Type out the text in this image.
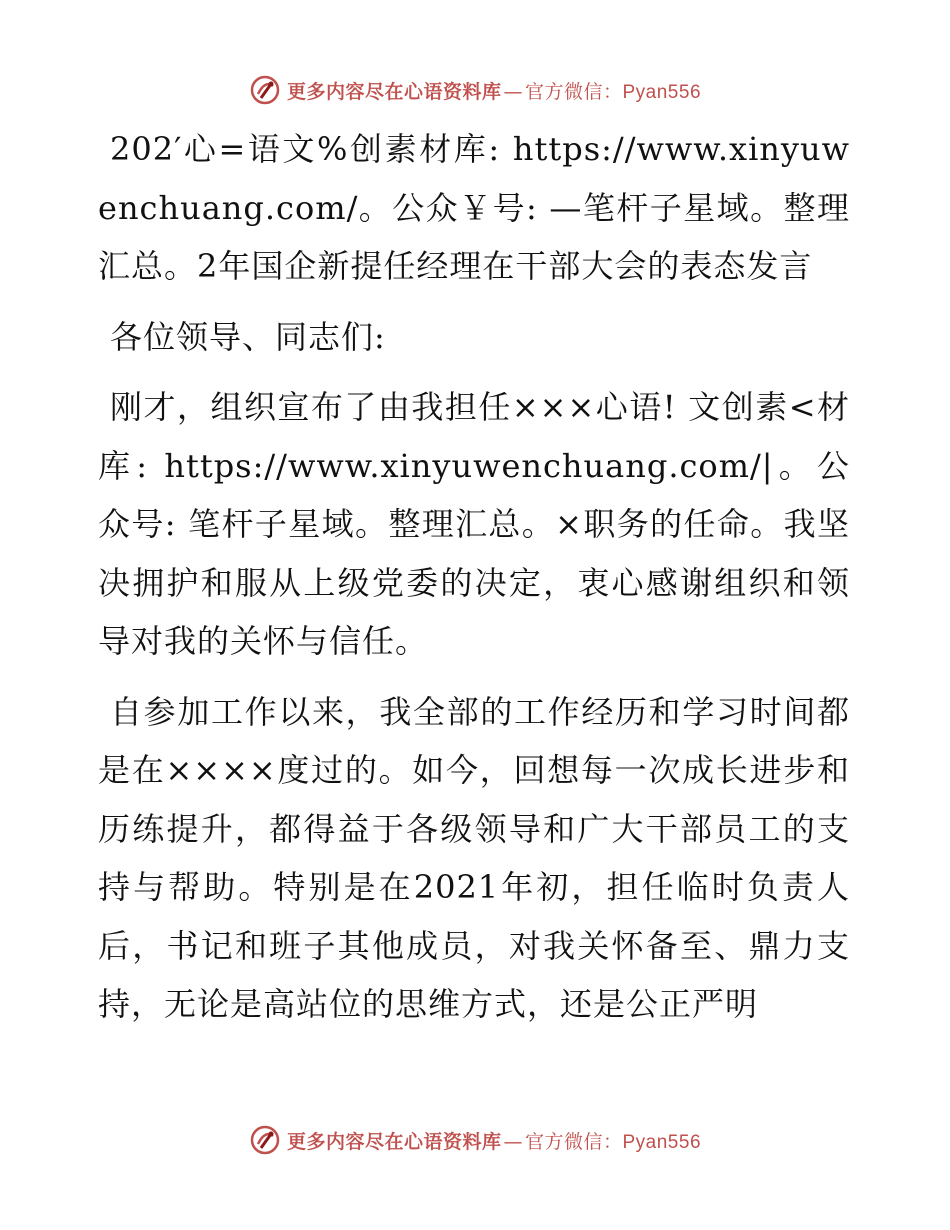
更多内容尽在心语资料库 — 官方微信：Pyan556

202′心=语文%创素材库: https://www.xinyuwenchuang.com/。公众￥号: —笔杆子星域。整理汇总。2年国企新提任经理在干部大会的表态发言

各位领导、同志们:

刚才，组织宣布了由我担任×××心语! 文创素<材库: https://www.xinyuwenchuang.com/|。公众号: 笔杆子星域。整理汇总。×职务的任命。我坚决拥护和服从上级党委的决定，衷心感谢组织和领导对我的关怀与信任。

自参加工作以来，我全部的工作经历和学习时间都是在××××度过的。如今，回想每一次成长进步和历练提升，都得益于各级领导和广大干部员工的支持与帮助。特别是在2021年初，担任临时负责人后，书记和班子其他成员，对我关怀备至、鼎力支持，无论是高站位的思维方式，还是公正严明

更多内容尽在心语资料库 — 官方微信：Pyan556
